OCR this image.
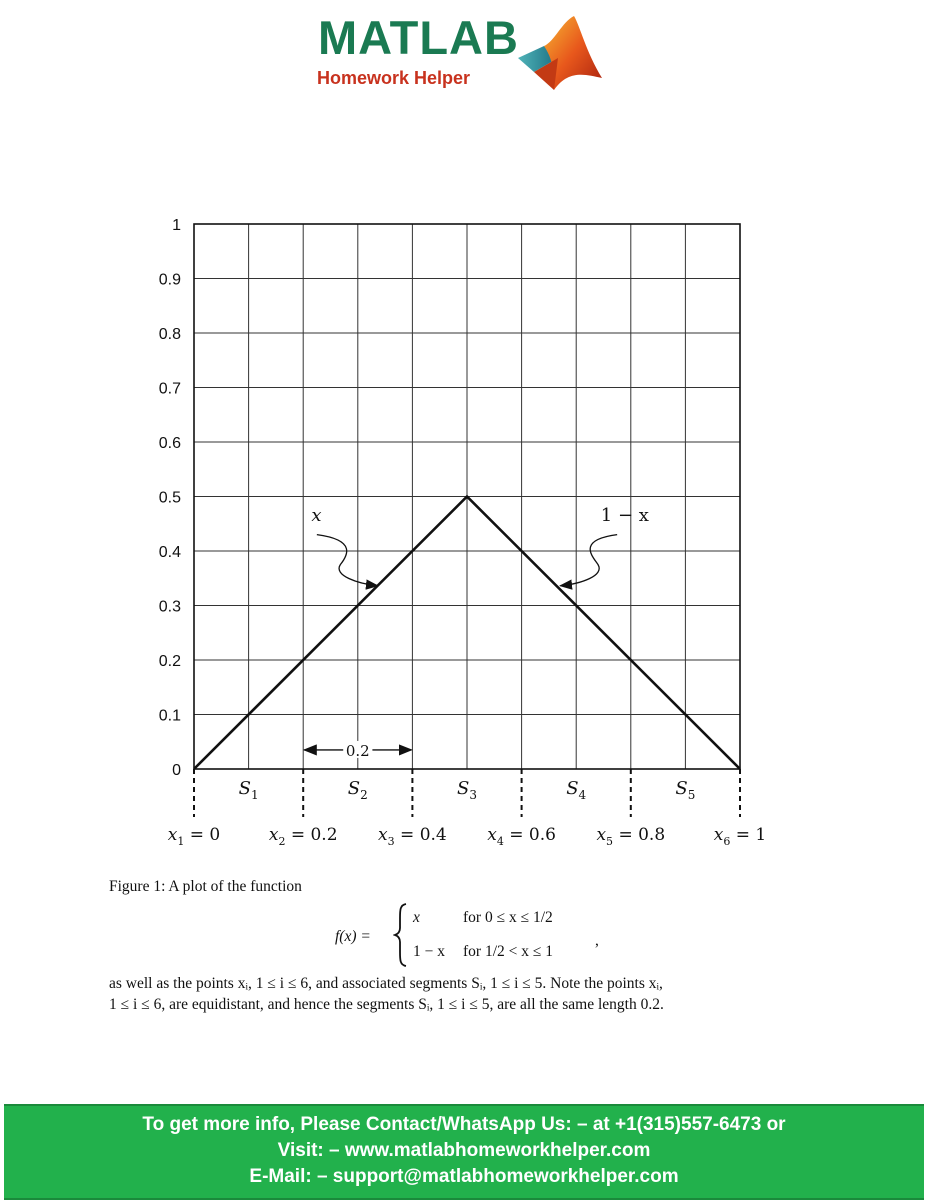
MATLAB
Homework Helper
0
0.1
0.2
0.3
0.4
0.5
0.6
0.7
0.8
0.9
1
$S_1$	$S_2$	$S_3$	$S_4$	$S_5$
$x_1 = 0$	$x_2 = 0.2$ $x_3 = 0.4$ $x_4 = 0.6$ $x_5 = 0.8$	$x_6 = 1$
x	1 − x
0.2
Figure 1: A plot of the function
f(x) =
x	for 0 ≤ x ≤ 1/2
1 − x for 1/2 < x ≤ 1
,

as well as the points xᵢ, 1 ≤ i ≤ 6, and associated segments Sᵢ, 1 ≤ i ≤ 5. Note the points xᵢ,

1 ≤ i ≤ 6, are equidistant, and hence the segments Sᵢ, 1 ≤ i ≤ 5, are all the same length 0.2.

To get more info, Please Contact/WhatsApp Us: – at +1(315)557-6473 or
Visit: – www.matlabhomeworkhelper.com
E-Mail: – support@matlabhomeworkhelper.com
